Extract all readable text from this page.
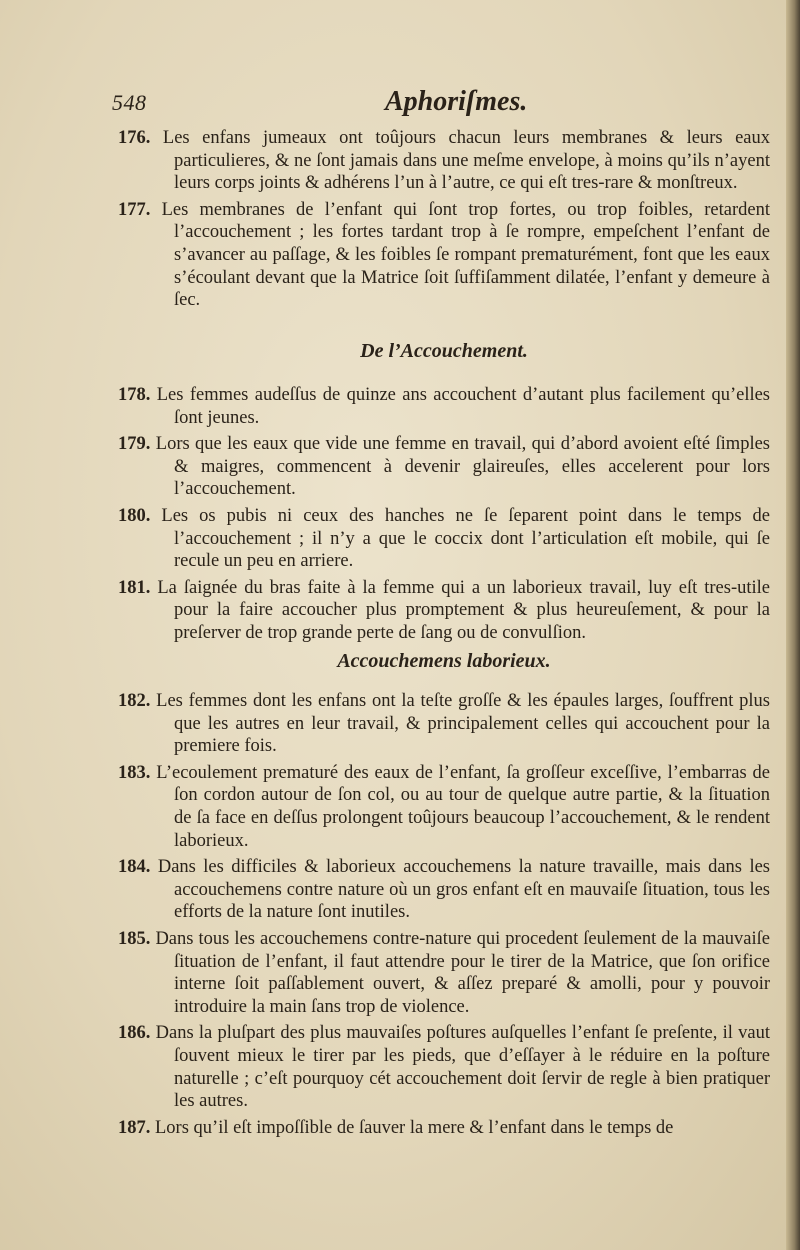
548	Aphoriſmes.

176. Les enfans jumeaux ont toûjours chacun leurs membranes & leurs eaux particulieres, & ne ſont jamais dans une meſme envelope, à moins qu’ils n’ayent leurs corps joints & adhérens l’un à l’autre, ce qui eſt tres-rare & monſtreux.

177. Les membranes de l’enfant qui ſont trop fortes, ou trop foibles, retardent l’accouchement ; les fortes tardant trop à ſe rompre, empeſchent l’enfant de s’avancer au paſſage, & les foibles ſe rompant prematurément, font que les eaux s’écoulant devant que la Matrice ſoit ſuffiſamment dilatée, l’enfant y demeure à ſec.

De l’Accouchement.

178. Les femmes audeſſus de quinze ans accouchent d’autant plus facilement qu’elles ſont jeunes.

179. Lors que les eaux que vide une femme en travail, qui d’abord avoient eſté ſimples & maigres, commencent à devenir glaireuſes, elles accelerent pour lors l’accouchement.

180. Les os pubis ni ceux des hanches ne ſe ſeparent point dans le temps de l’accouchement ; il n’y a que le coccix dont l’articulation eſt mobile, qui ſe recule un peu en arriere.

181. La ſaignée du bras faite à la femme qui a un laborieux travail, luy eſt tres-utile pour la faire accoucher plus promptement & plus heureuſement, & pour la preſerver de trop grande perte de ſang ou de convulſion.

Accouchemens laborieux.

182. Les femmes dont les enfans ont la teſte groſſe & les épaules larges, ſouffrent plus que les autres en leur travail, & principalement celles qui accouchent pour la premiere fois.

183. L’ecoulement prematuré des eaux de l’enfant, ſa groſſeur exceſſive, l’embarras de ſon cordon autour de ſon col, ou au tour de quelque autre partie, & la ſituation de ſa face en deſſus prolongent toûjours beaucoup l’accouchement, & le rendent laborieux.

184. Dans les difficiles & laborieux accouchemens la nature travaille, mais dans les accouchemens contre nature où un gros enfant eſt en mauvaiſe ſituation, tous les efforts de la nature ſont inutiles.

185. Dans tous les accouchemens contre-nature qui procedent ſeulement de la mauvaiſe ſituation de l’enfant, il faut attendre pour le tirer de la Matrice, que ſon orifice interne ſoit paſſablement ouvert, & aſſez preparé & amolli, pour y pouvoir introduire la main ſans trop de violence.

186. Dans la pluſpart des plus mauvaiſes poſtures auſquelles l’enfant ſe preſente, il vaut ſouvent mieux le tirer par les pieds, que d’eſſayer à le réduire en la poſture naturelle ; c’eſt pourquoy cét accouchement doit ſervir de regle à bien pratiquer les autres.

187. Lors qu’il eſt impoſſible de ſauver la mere & l’enfant dans le temps de
